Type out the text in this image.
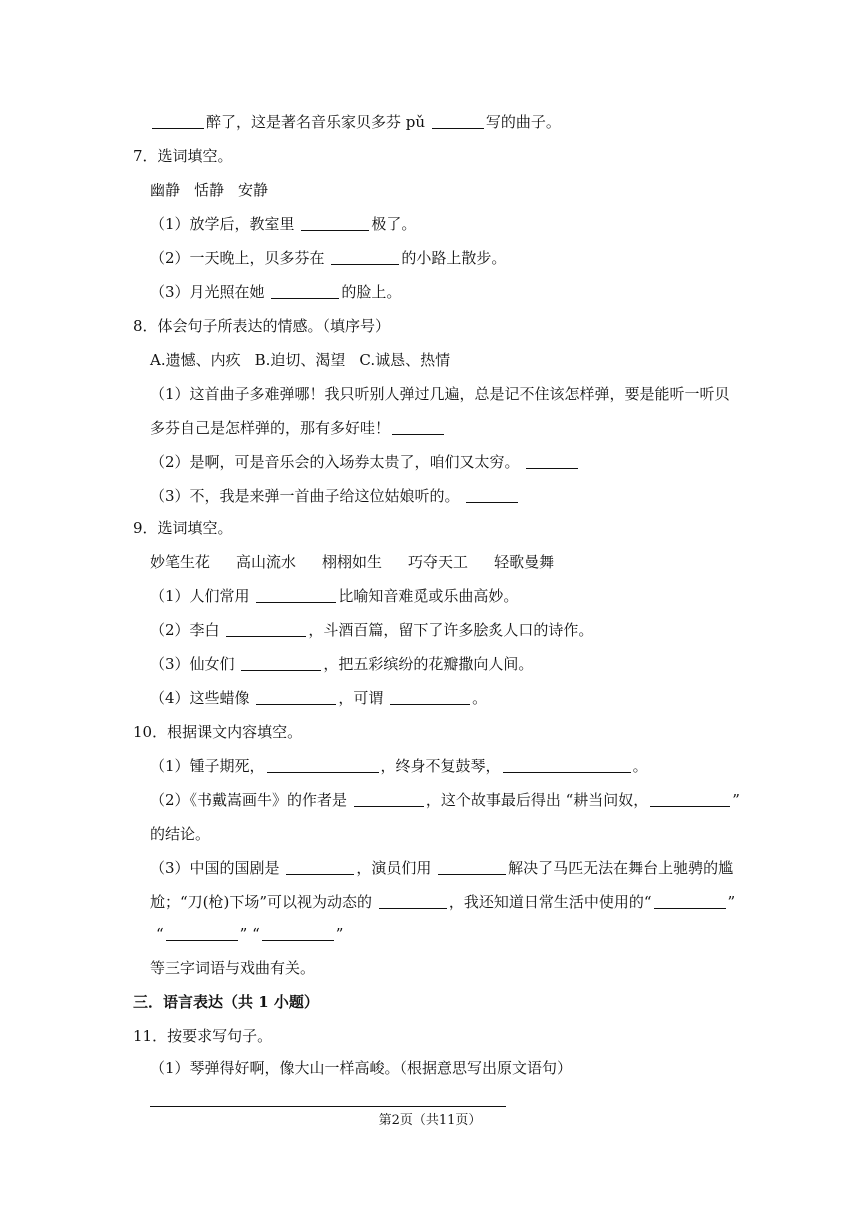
醉了，这是著名音乐家贝多芬 pǔ	写的曲子。
7．选词填空。
幽静 恬静 安静
（1）放学后，教室里	极了。
（2）一天晚上，贝多芬在	的小路上散步。
（3）月光照在她	的脸上。
8．体会句子所表达的情感。（填序号）
A.遗憾、内疚 B.迫切、渴望 C.诚恳、热情
（1）这首曲子多难弹哪！我只听别人弹过几遍，总是记不住该怎样弹，要是能听一听贝
多芬自己是怎样弹的，那有多好哇！
（2）是啊，可是音乐会的入场券太贵了，咱们又太穷。
（3）不，我是来弹一首曲子给这位姑娘听的。
9．选词填空。
妙笔生花 高山流水 栩栩如生 巧夺天工 轻歌曼舞
（1）人们常用	比喻知音难觅或乐曲高妙。
（2）李白	，斗酒百篇，留下了许多脍炙人口的诗作。
（3）仙女们	，把五彩缤纷的花瓣撒向人间。
（4）这些蜡像	，可谓	。
10．根据课文内容填空。
（1）锺子期死，	，终身不复鼓琴，	。
（2）《书戴嵩画牛》的作者是	，这个故事最后得出 “耕当问奴，	”
的结论。
（3）中国的国剧是	，演员们用	解决了马匹无法在舞台上驰骋的尴
尬；“刀(枪)下场”可以视为动态的	，我还知道日常生活中使用的“	”
“	” “	”
等三字词语与戏曲有关。
三．语言表达（共 1 小题）
11．按要求写句子。
（1）琴弹得好啊，像大山一样高峻。（根据意思写出原文语句）
第2页（共11页）
